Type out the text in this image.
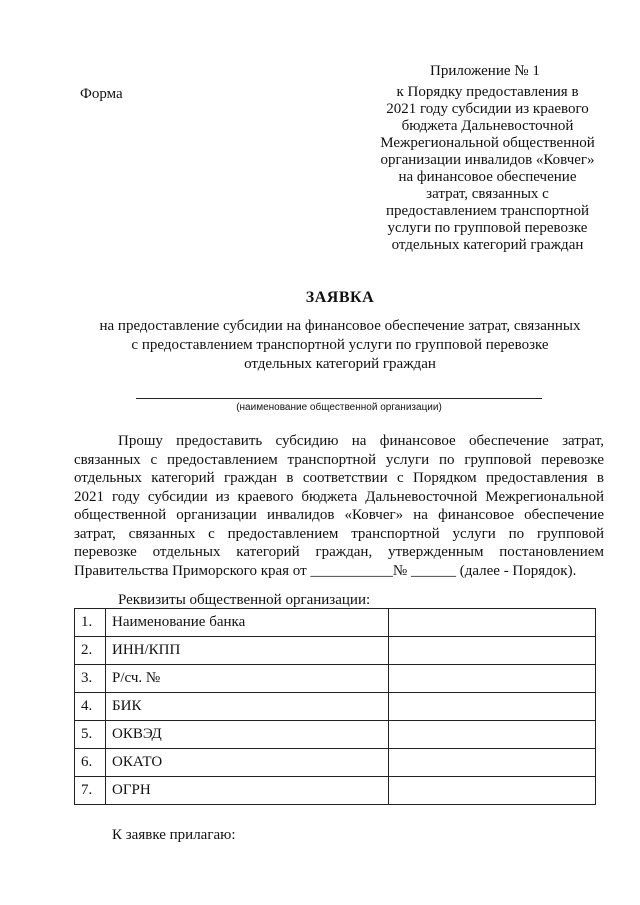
Приложение № 1
Форма	к Порядку предоставления в
2021 году субсидии из краевого
бюджета Дальневосточной
Межрегиональной общественной
организации инвалидов «Ковчег»
на финансовое обеспечение
затрат, связанных с
предоставлением транспортной
услуги по групповой перевозке
отдельных категорий граждан
ЗАЯВКА
на предоставление субсидии на финансовое обеспечение затрат, связанных
с предоставлением транспортной услуги по групповой перевозке
отдельных категорий граждан
(наименование общественной организации)
Прошу предоставить субсидию на финансовое обеспечение затрат,
связанных с предоставлением транспортной услуги по групповой перевозке
отдельных категорий граждан в соответствии с Порядком предоставления в
2021 году субсидии из краевого бюджета Дальневосточной Межрегиональной
общественной организации инвалидов «Ковчег» на финансовое обеспечение
затрат, связанных с предоставлением транспортной услуги по групповой
перевозке отдельных категорий граждан, утвержденным постановлением
Правительства Приморского края от ___________№ ______ (далее - Порядок).
Реквизиты общественной организации:
1.	Наименование банка	
2.	ИНН/КПП	
3.	Р/сч. №	
4.	БИК	
5.	ОКВЭД	
6.	ОКАТО	
7.	ОГРН	
К заявке прилагаю:
